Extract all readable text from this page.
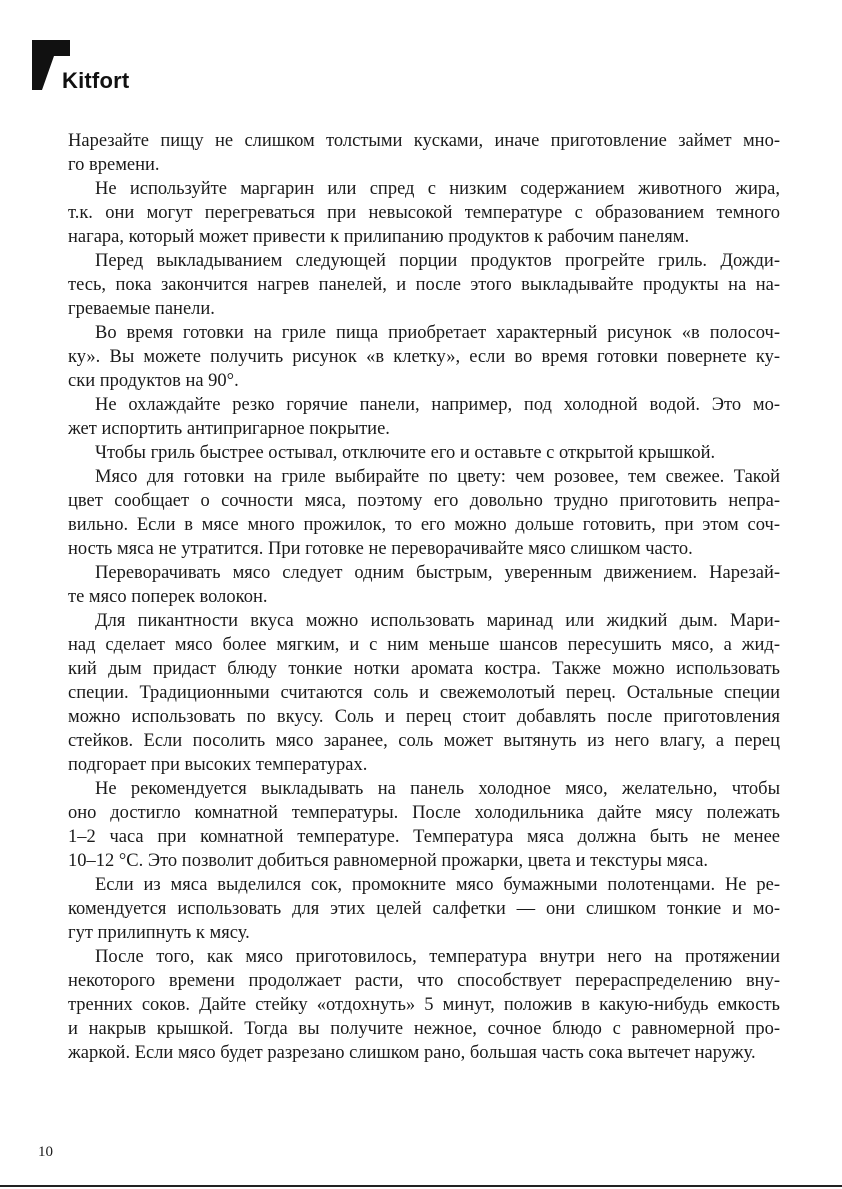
Kitfort
Нарезайте пищу не слишком толстыми кусками, иначе приготовление займет мно-
го времени.
Не используйте маргарин или спред с низким содержанием животного жира,
т.к. они могут перегреваться при невысокой температуре с образованием темного
нагара, который может привести к прилипанию продуктов к рабочим панелям.
Перед выкладыванием следующей порции продуктов прогрейте гриль. Дожди-
тесь, пока закончится нагрев панелей, и после этого выкладывайте продукты на на-
греваемые панели.
Во время готовки на гриле пища приобретает характерный рисунок «в полосоч-
ку». Вы можете получить рисунок «в клетку», если во время готовки повернете ку-
ски продуктов на 90°.
Не охлаждайте резко горячие панели, например, под холодной водой. Это мо-
жет испортить антипригарное покрытие.
Чтобы гриль быстрее остывал, отключите его и оставьте с открытой крышкой.
Мясо для готовки на гриле выбирайте по цвету: чем розовее, тем свежее. Такой
цвет сообщает о сочности мяса, поэтому его довольно трудно приготовить непра-
вильно. Если в мясе много прожилок, то его можно дольше готовить, при этом соч-
ность мяса не утратится. При готовке не переворачивайте мясо слишком часто.
Переворачивать мясо следует одним быстрым, уверенным движением. Нарезай-
те мясо поперек волокон.
Для пикантности вкуса можно использовать маринад или жидкий дым. Мари-
над сделает мясо более мягким, и с ним меньше шансов пересушить мясо, а жид-
кий дым придаст блюду тонкие нотки аромата костра. Также можно использовать
специи. Традиционными считаются соль и свежемолотый перец. Остальные специи
можно использовать по вкусу. Соль и перец стоит добавлять после приготовления
стейков. Если посолить мясо заранее, соль может вытянуть из него влагу, а перец
подгорает при высоких температурах.
Не рекомендуется выкладывать на панель холодное мясо, желательно, чтобы
оно достигло комнатной температуры. После холодильника дайте мясу полежать
1–2 часа при комнатной температуре. Температура мяса должна быть не менее
10–12 °C. Это позволит добиться равномерной прожарки, цвета и текстуры мяса.
Если из мяса выделился сок, промокните мясо бумажными полотенцами. Не ре-
комендуется использовать для этих целей салфетки — они слишком тонкие и мо-
гут прилипнуть к мясу.
После того, как мясо приготовилось, температура внутри него на протяжении
некоторого времени продолжает расти, что способствует перераспределению вну-
тренних соков. Дайте стейку «отдохнуть» 5 минут, положив в какую-нибудь емкость
и накрыв крышкой. Тогда вы получите нежное, сочное блюдо с равномерной про-
жаркой. Если мясо будет разрезано слишком рано, большая часть сока вытечет наружу.
10
